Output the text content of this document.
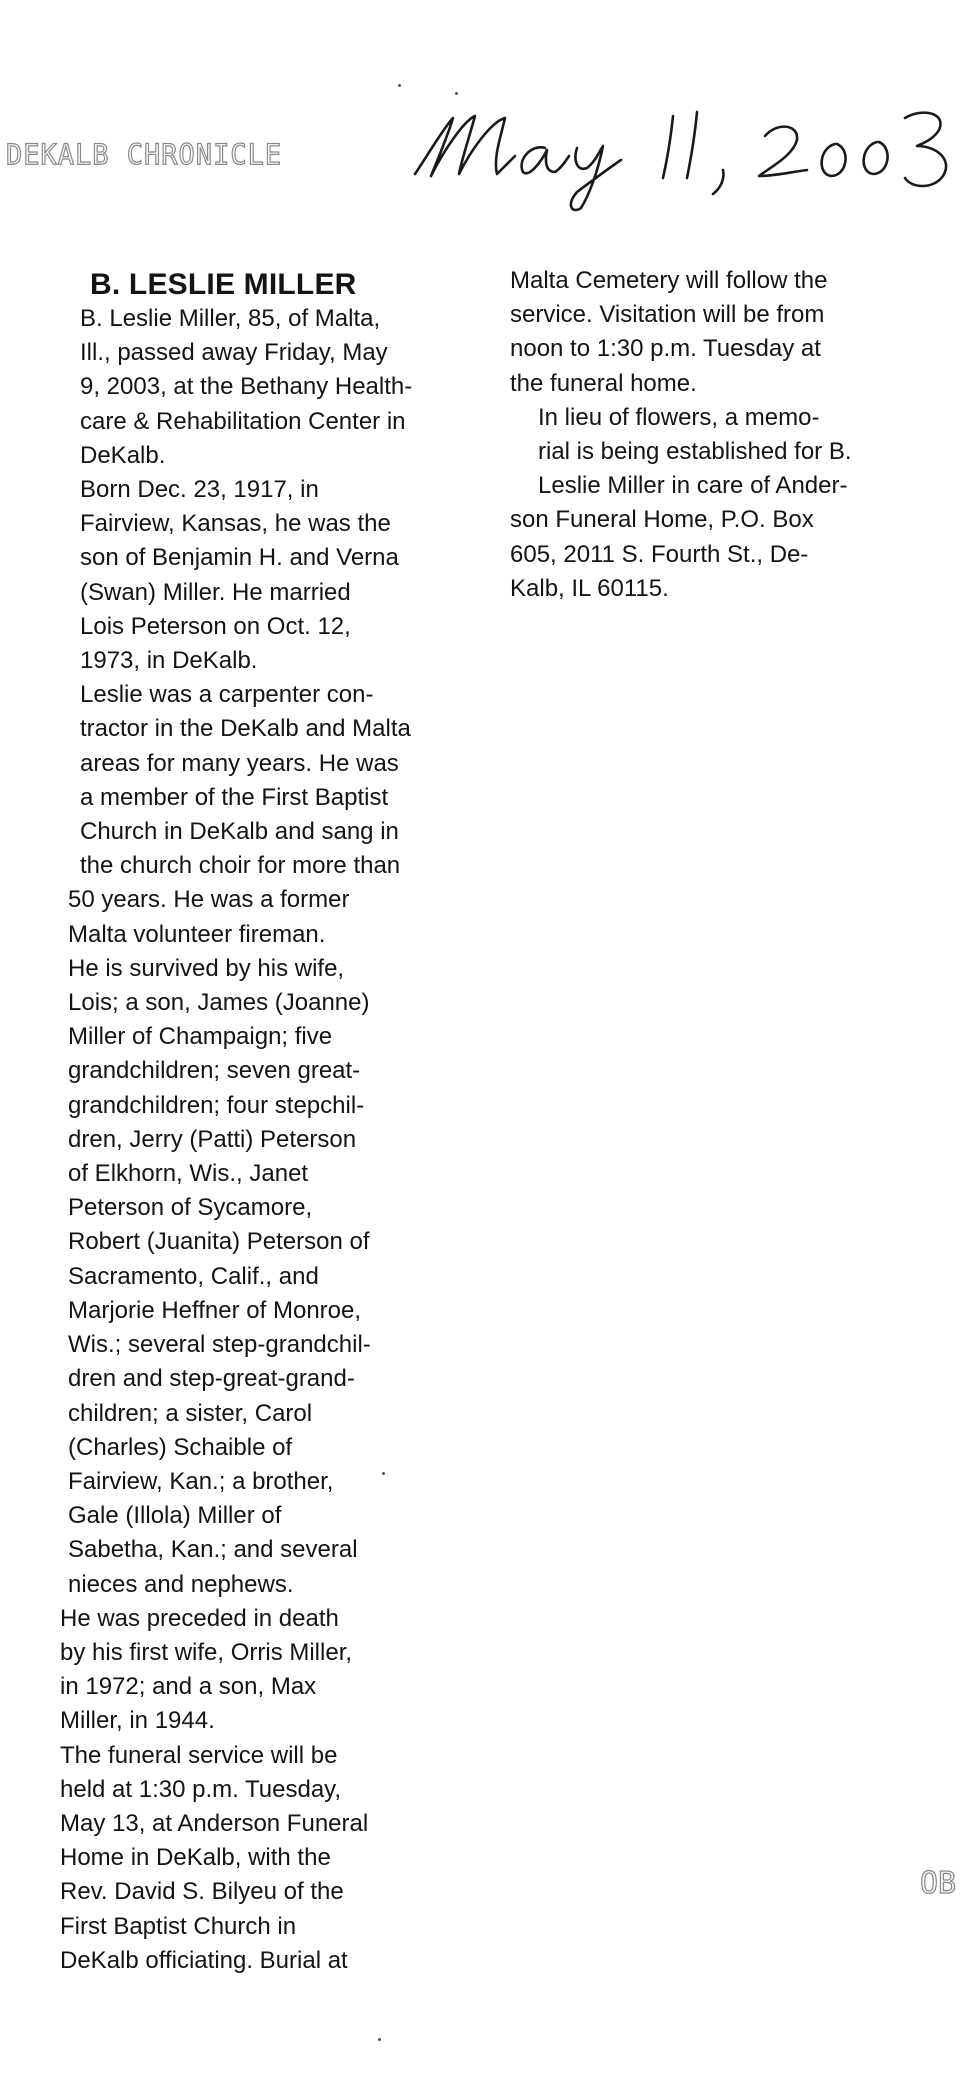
DEKALB CHRONICLE
B. LESLIE MILLER

B. Leslie Miller, 85, of Malta,
Ill., passed away Friday, May
9, 2003, at the Bethany Health-
care & Rehabilitation Center in
DeKalb.

Born Dec. 23, 1917, in
Fairview, Kansas, he was the
son of Benjamin H. and Verna
(Swan) Miller. He married
Lois Peterson on Oct. 12,
1973, in DeKalb.

Leslie was a carpenter con-
tractor in the DeKalb and Malta
areas for many years. He was
a member of the First Baptist
Church in DeKalb and sang in
the church choir for more than

50 years. He was a former
Malta volunteer fireman.

He is survived by his wife,
Lois; a son, James (Joanne)
Miller of Champaign; five
grandchildren; seven great-
grandchildren; four stepchil-
dren, Jerry (Patti) Peterson
of Elkhorn, Wis., Janet
Peterson of Sycamore,
Robert (Juanita) Peterson of
Sacramento, Calif., and
Marjorie Heffner of Monroe,
Wis.; several step-grandchil-
dren and step-great-grand-
children; a sister, Carol
(Charles) Schaible of
Fairview, Kan.; a brother,
Gale (Illola) Miller of
Sabetha, Kan.; and several
nieces and nephews.

He was preceded in death
by his first wife, Orris Miller,
in 1972; and a son, Max
Miller, in 1944.

The funeral service will be
held at 1:30 p.m. Tuesday,
May 13, at Anderson Funeral
Home in DeKalb, with the
Rev. David S. Bilyeu of the
First Baptist Church in
DeKalb officiating. Burial at

Malta Cemetery will follow the
service. Visitation will be from
noon to 1:30 p.m. Tuesday at
the funeral home.

In lieu of flowers, a memo-
rial is being established for B.
Leslie Miller in care of Ander-

son Funeral Home, P.O. Box
605, 2011 S. Fourth St., De-
Kalb, IL 60115.

OB
